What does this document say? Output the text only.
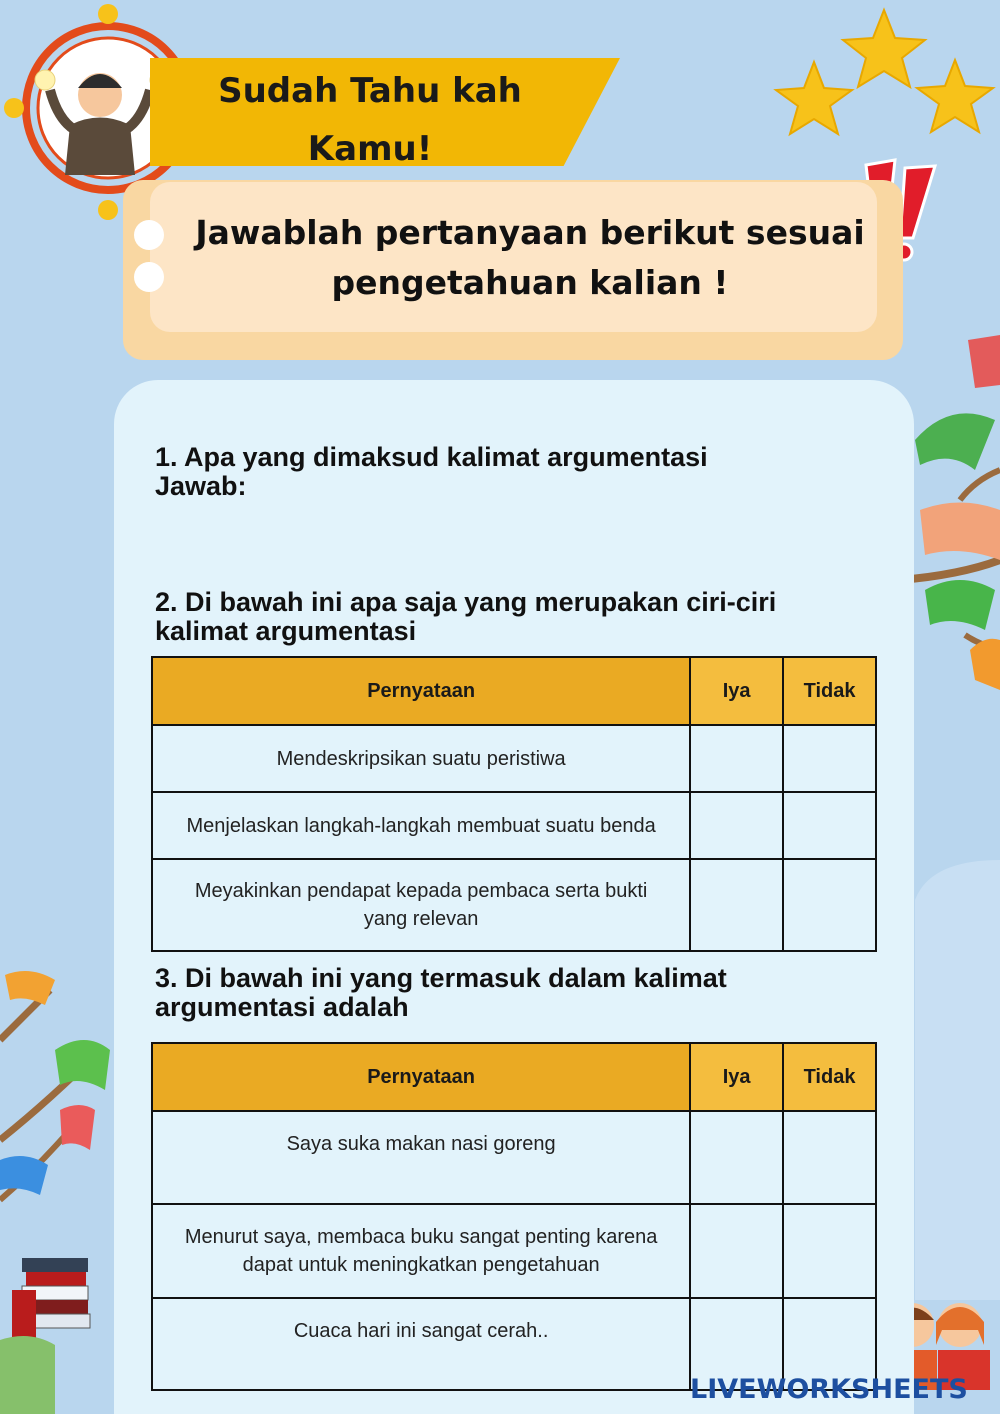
Sudah Tahu kah
Kamu!
Jawablah pertanyaan berikut sesuai
pengetahuan kalian !
1. Apa yang dimaksud kalimat argumentasi
Jawab:
2. Di bawah ini apa saja yang merupakan ciri-ciri
kalimat argumentasi
Pernyataan	Iya	Tidak
Mendeskripsikan suatu peristiwa		
Menjelaskan langkah-langkah membuat suatu benda		

Meyakinkan pendapat kepada pembaca serta bukti
yang relevan		

3. Di bawah ini yang termasuk dalam kalimat
argumentasi adalah
Pernyataan	Iya	Tidak
Saya suka makan nasi goreng		

Menurut saya, membaca buku sangat penting karena
dapat untuk meningkatkan pengetahuan		

Cuaca hari ini sangat cerah..		
LIVEWORKSHEETS
